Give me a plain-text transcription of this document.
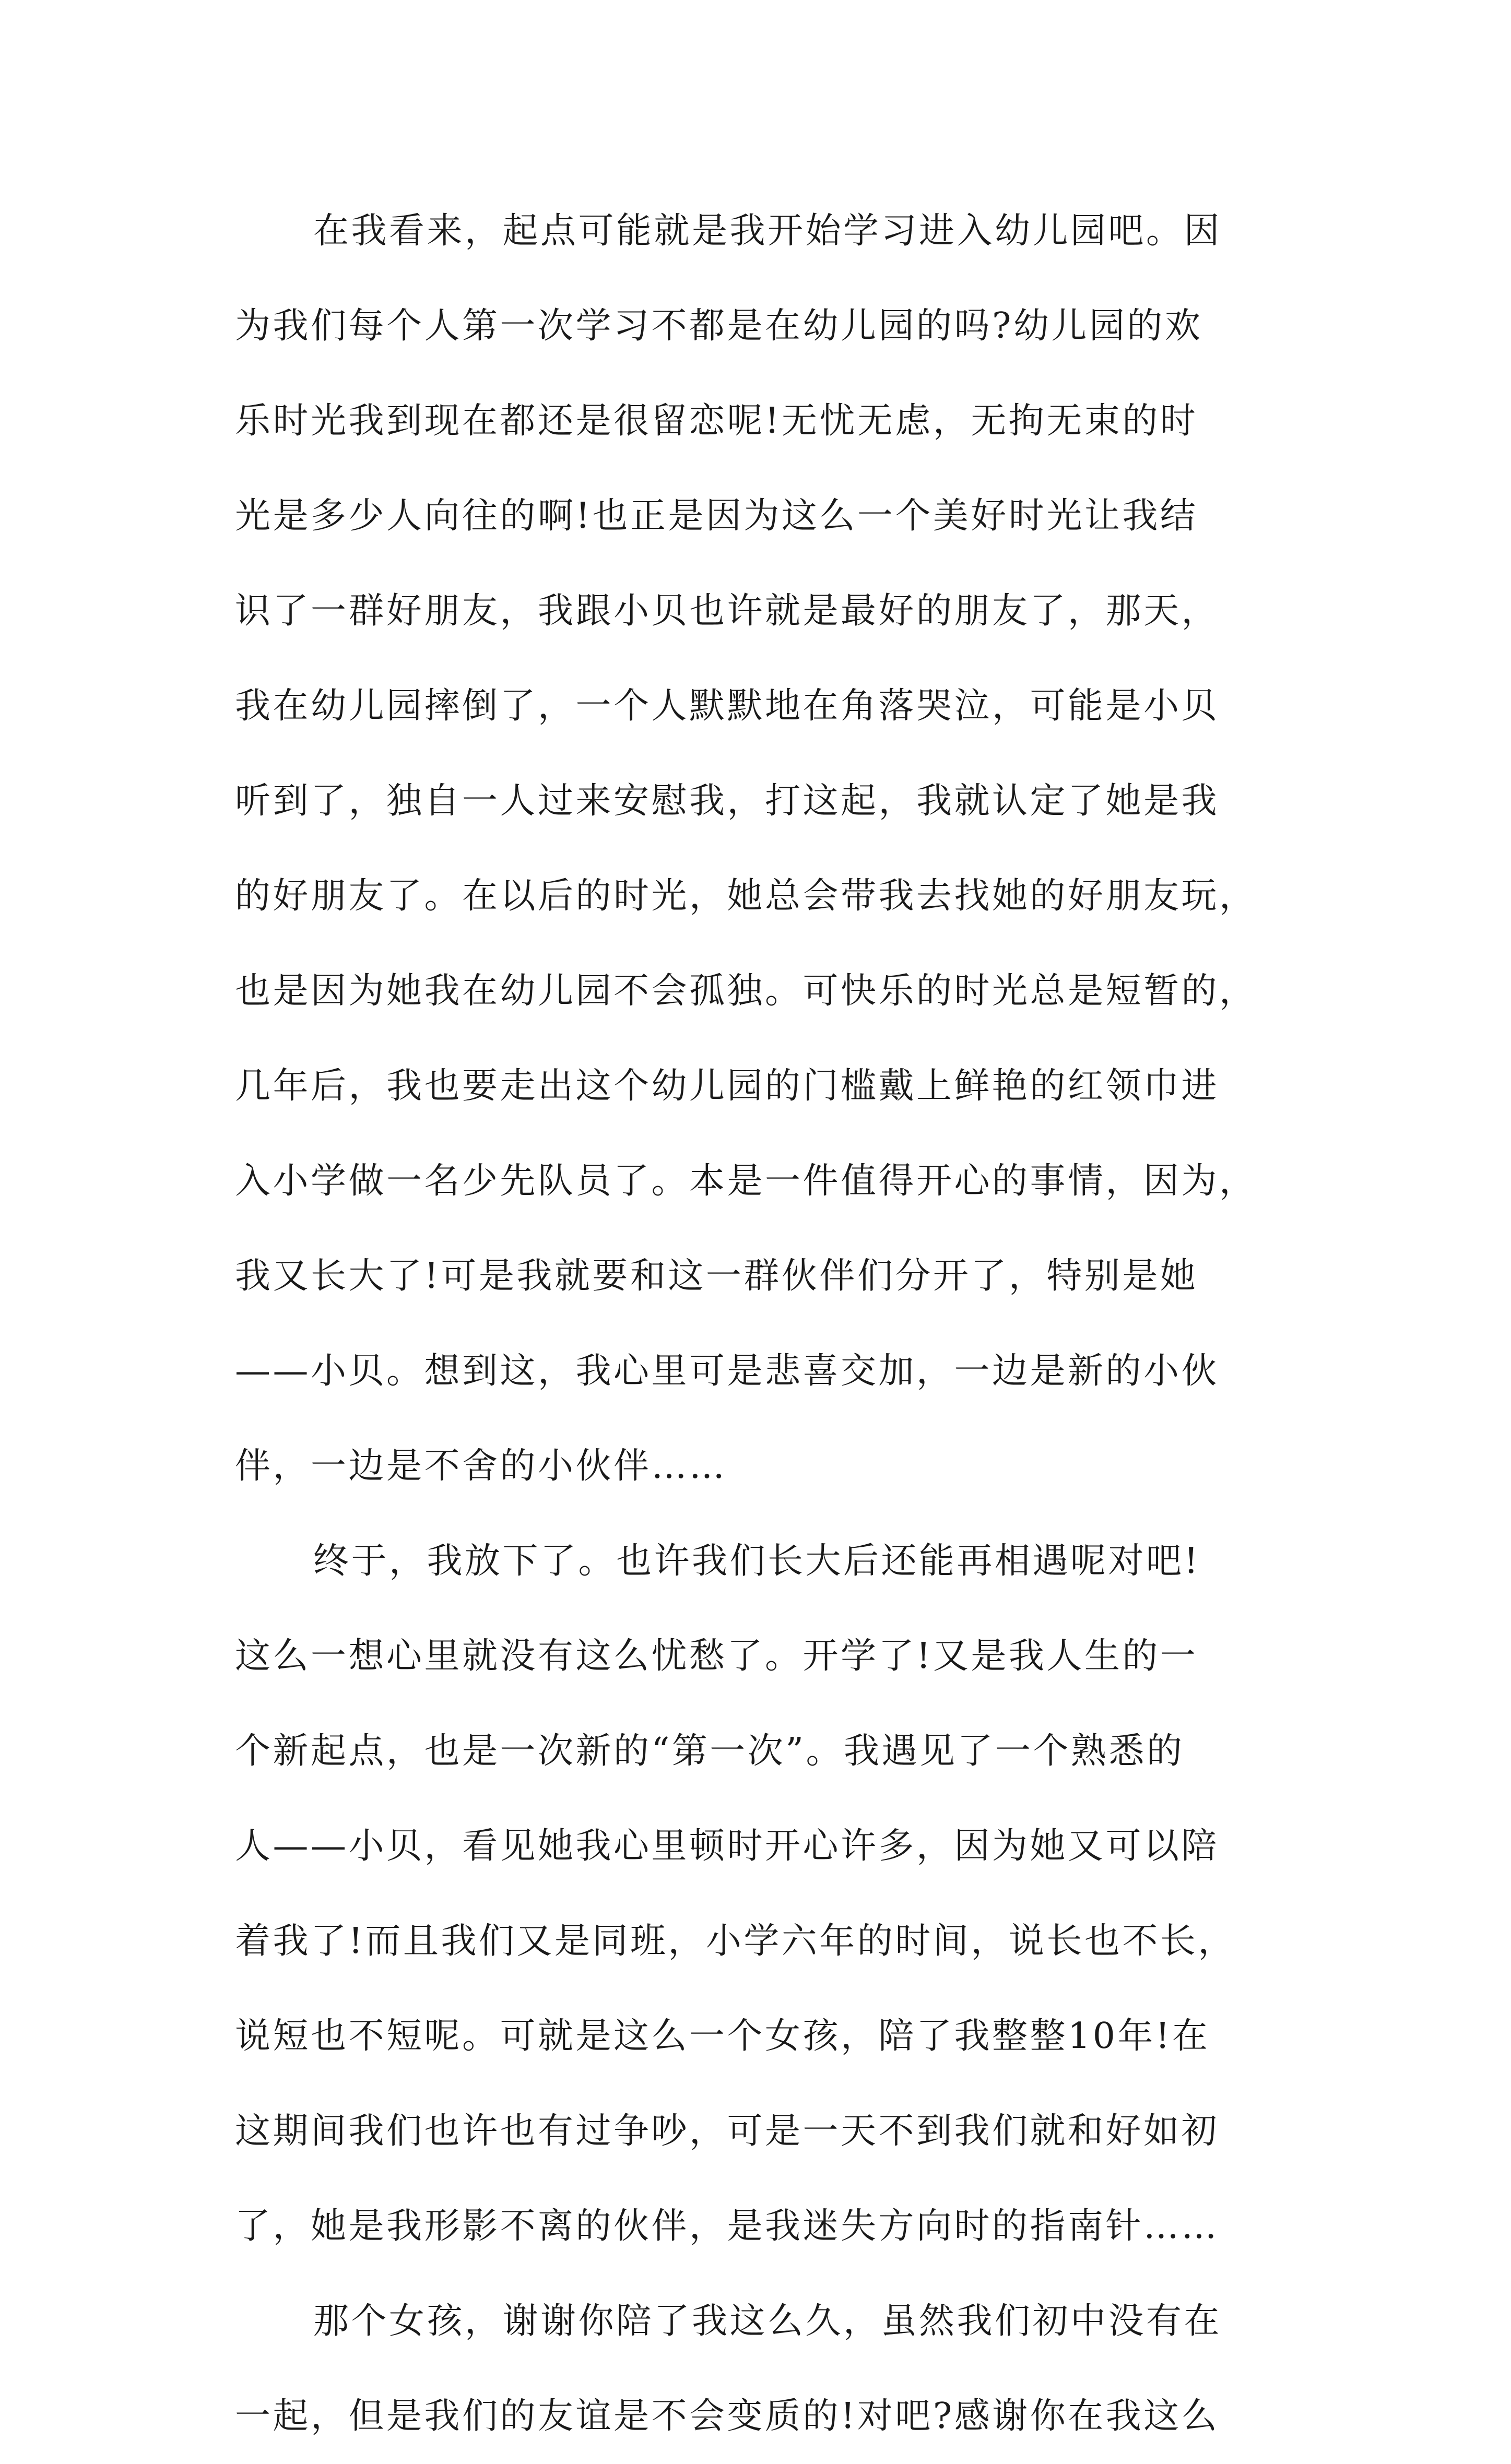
在我看来，起点可能就是我开始学习进入幼儿园吧。因
为我们每个人第一次学习不都是在幼儿园的吗?幼儿园的欢
乐时光我到现在都还是很留恋呢!无忧无虑，无拘无束的时
光是多少人向往的啊!也正是因为这么一个美好时光让我结
识了一群好朋友，我跟小贝也许就是最好的朋友了，那天，
我在幼儿园摔倒了，一个人默默地在角落哭泣，可能是小贝
听到了，独自一人过来安慰我，打这起，我就认定了她是我
的好朋友了。在以后的时光，她总会带我去找她的好朋友玩，
也是因为她我在幼儿园不会孤独。可快乐的时光总是短暂的，
几年后，我也要走出这个幼儿园的门槛戴上鲜艳的红领巾进
入小学做一名少先队员了。本是一件值得开心的事情，因为，
我又长大了!可是我就要和这一群伙伴们分开了，特别是她
——小贝。想到这，我心里可是悲喜交加，一边是新的小伙
伴，一边是不舍的小伙伴……
终于，我放下了。也许我们长大后还能再相遇呢对吧!
这么一想心里就没有这么忧愁了。开学了!又是我人生的一
个新起点，也是一次新的“第一次”。我遇见了一个熟悉的
人——小贝，看见她我心里顿时开心许多，因为她又可以陪
着我了!而且我们又是同班，小学六年的时间，说长也不长，
说短也不短呢。可就是这么一个女孩，陪了我整整10年!在
这期间我们也许也有过争吵，可是一天不到我们就和好如初
了，她是我形影不离的伙伴，是我迷失方向时的指南针……
那个女孩，谢谢你陪了我这么久，虽然我们初中没有在
一起，但是我们的友谊是不会变质的!对吧?感谢你在我这么
